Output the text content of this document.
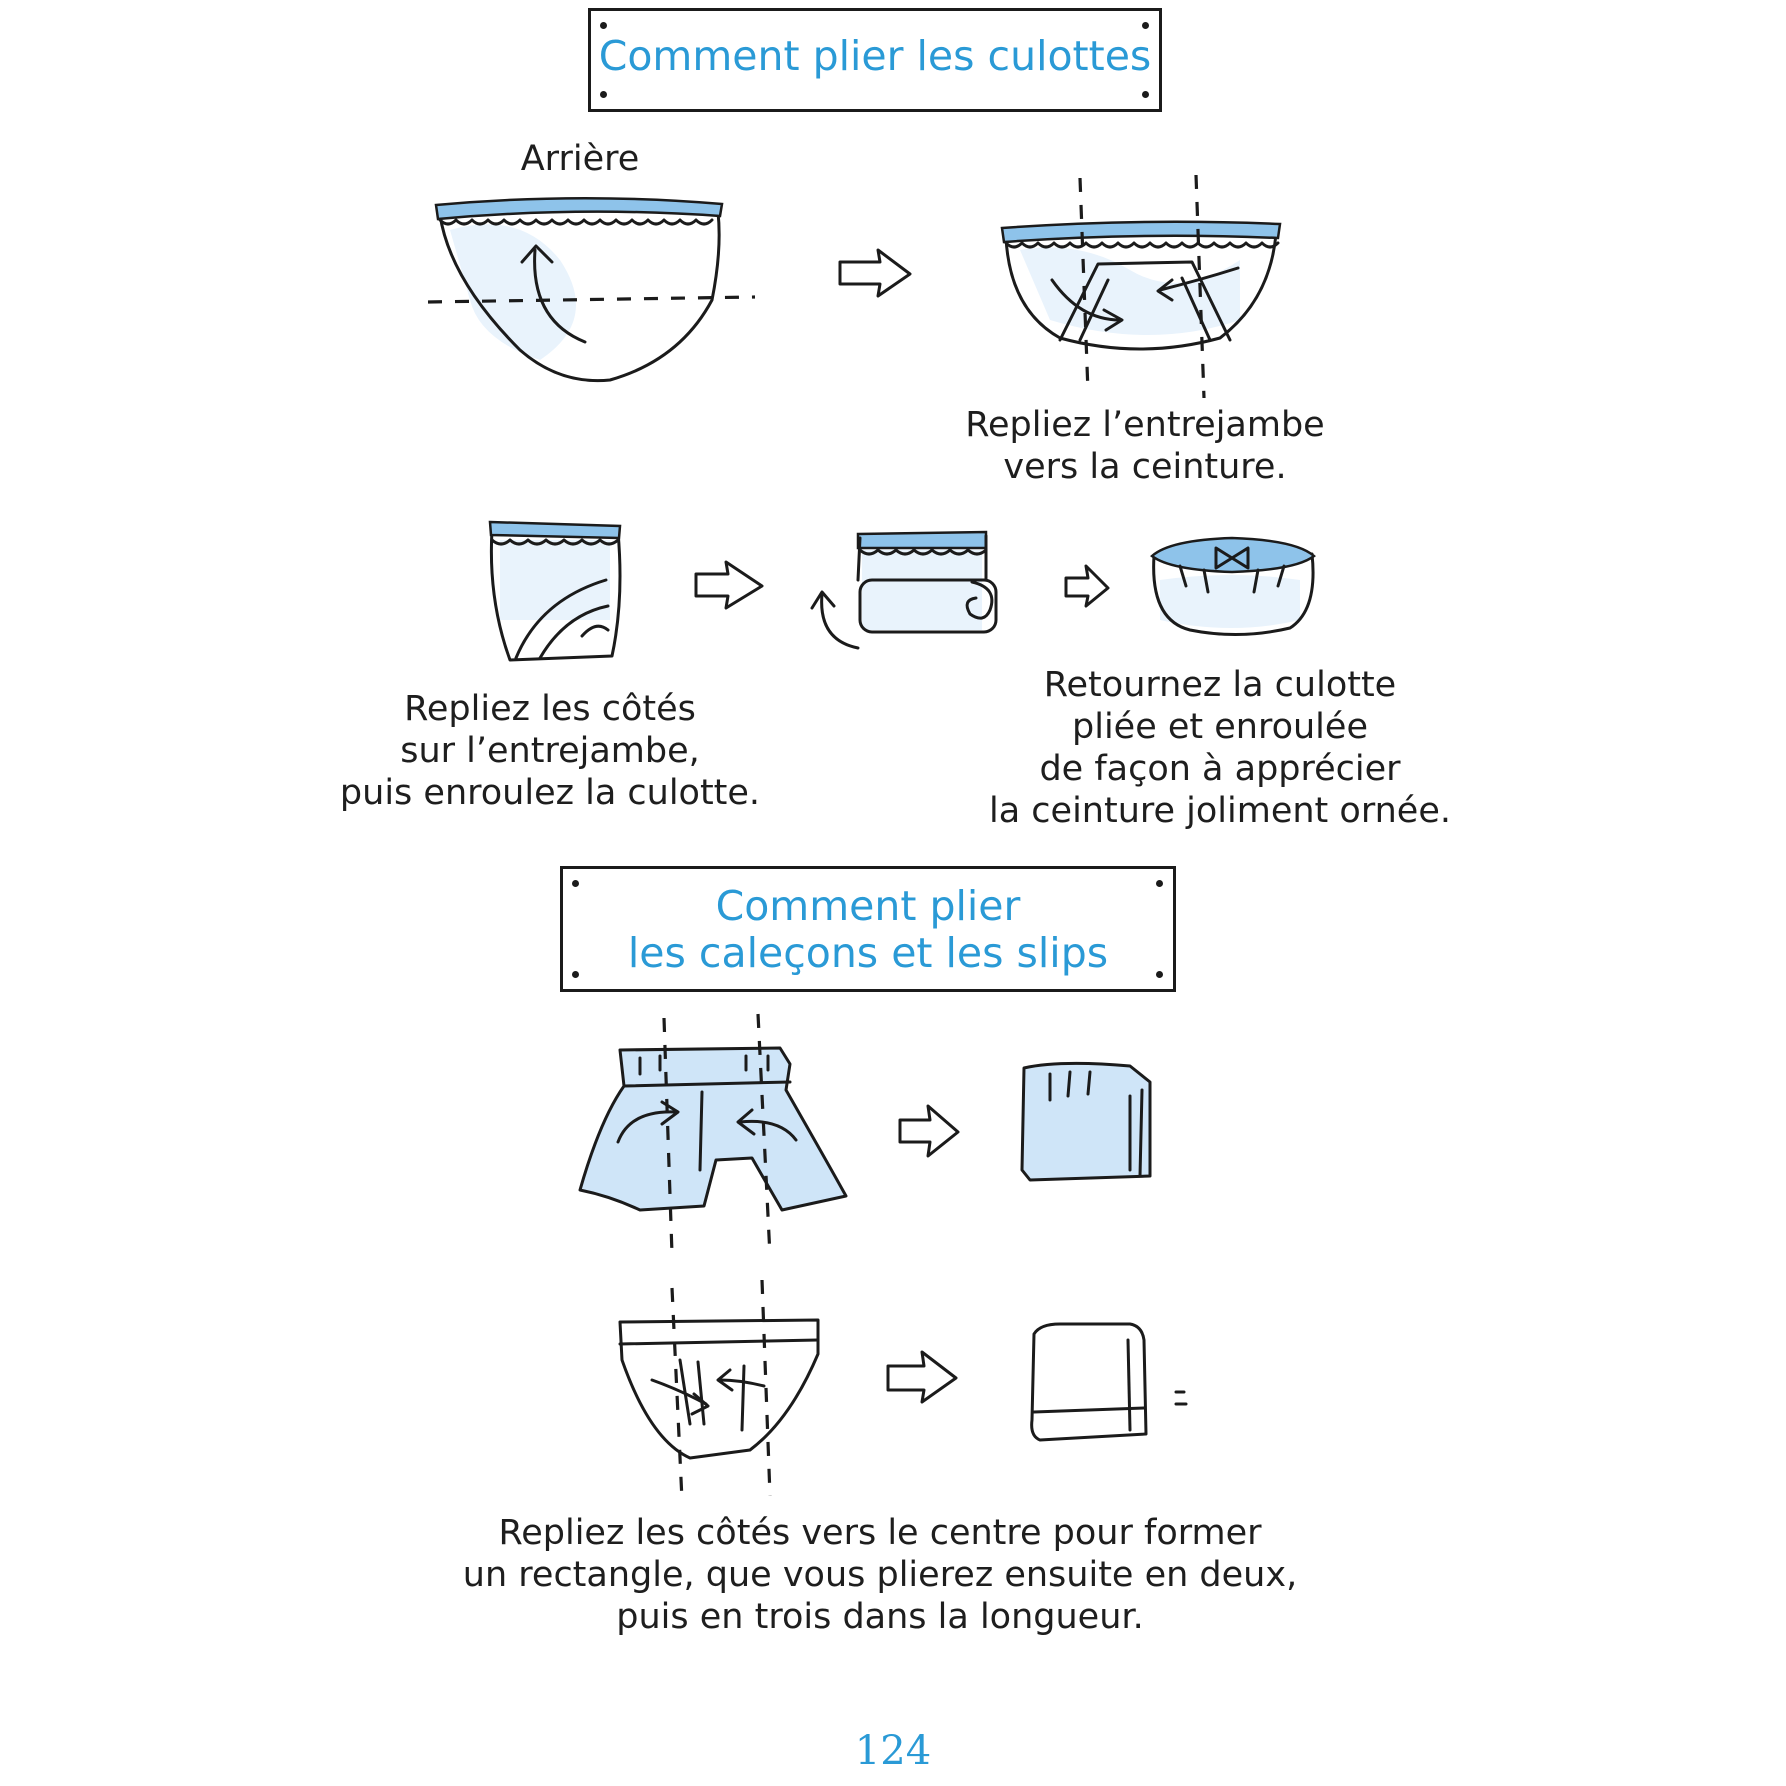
Comment plier les culottes
Arrière
Repliez l’entrejambe
vers la ceinture.
Repliez les côtés
sur l’entrejambe,
puis enroulez la culotte.
Retournez la culotte
pliée et enroulée
de façon à apprécier
la ceinture joliment ornée.
Comment plier
les caleçons et les slips
Repliez les côtés vers le centre pour former
un rectangle, que vous plierez ensuite en deux,
puis en trois dans la longueur.
124
